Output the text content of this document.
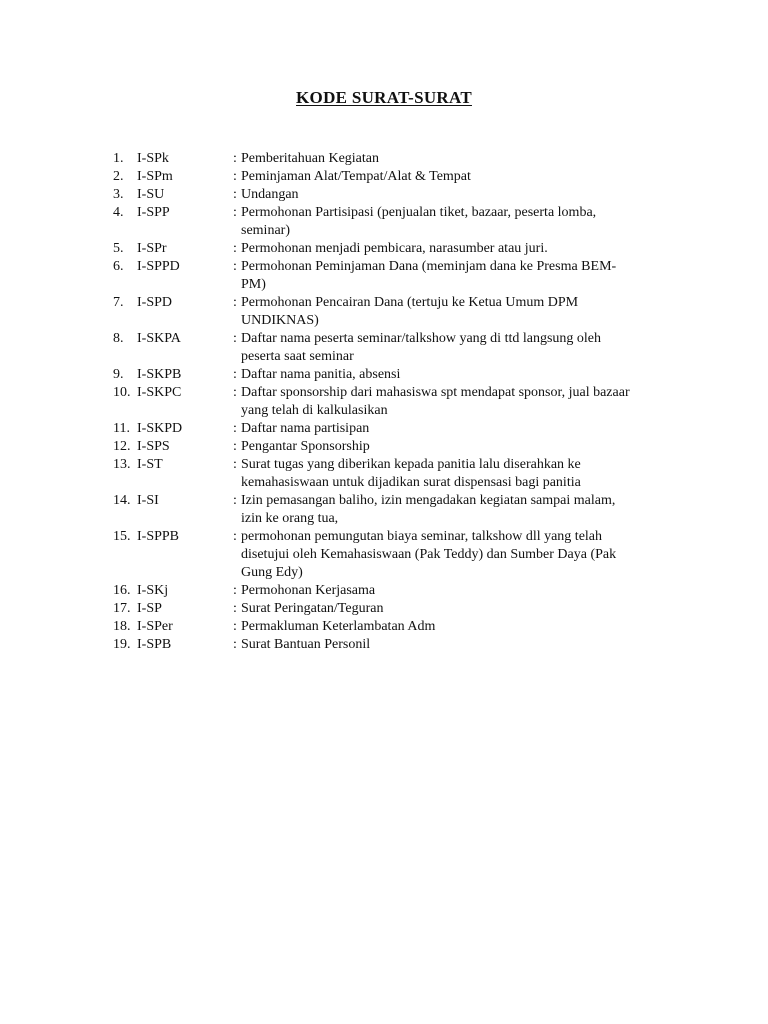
KODE SURAT-SURAT
1. I-SPk	: Pemberitahuan Kegiatan
2. I-SPm	: Peminjaman Alat/Tempat/Alat & Tempat
3. I-SU	: Undangan
4. I-SPP	: Permohonan Partisipasi (penjualan tiket, bazaar, peserta lomba,
seminar)
5. I-SPr	: Permohonan menjadi pembicara, narasumber atau juri.
6. I-SPPD	: Permohonan Peminjaman Dana (meminjam dana ke Presma BEM-
PM)
7. I-SPD	: Permohonan Pencairan Dana (tertuju ke Ketua Umum DPM
UNDIKNAS)
8. I-SKPA	: Daftar nama peserta seminar/talkshow yang di ttd langsung oleh
peserta saat seminar
9. I-SKPB	: Daftar nama panitia, absensi
10. I-SKPC	: Daftar sponsorship dari mahasiswa spt mendapat sponsor, jual bazaar
yang telah di kalkulasikan
11. I-SKPD	: Daftar nama partisipan
12. I-SPS	: Pengantar Sponsorship
13. I-ST	: Surat tugas yang diberikan kepada panitia lalu diserahkan ke
kemahasiswaan untuk dijadikan surat dispensasi bagi panitia
14. I-SI	: Izin pemasangan baliho, izin mengadakan kegiatan sampai malam,
izin ke orang tua,
15. I-SPPB	: permohonan pemungutan biaya seminar, talkshow dll yang telah
disetujui oleh Kemahasiswaan (Pak Teddy) dan Sumber Daya (Pak
Gung Edy)
16. I-SKj	: Permohonan Kerjasama
17. I-SP	: Surat Peringatan/Teguran
18. I-SPer	: Permakluman Keterlambatan Adm
19. I-SPB	: Surat Bantuan Personil
